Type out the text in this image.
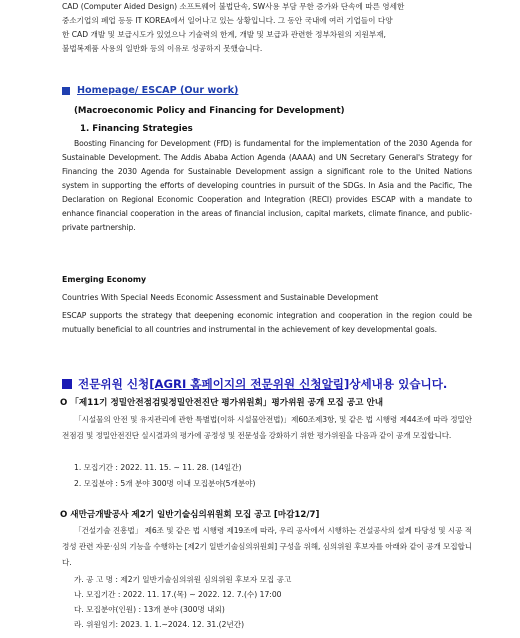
CAD (Computer Aided Design) 소프트웨어 불법단속, SW사용 부담 무한 증가와 단속에 따른 영세한
중소기업의 폐업 등등 IT KOREA에서 일어나고 있는 상황입니다. 그 동안 국내에 여러 기업들이 다양
한 CAD 개발 및 보급시도가 있었으나 기술력의 한계, 개발 및 보급과 관련한 정부차원의 지원부재,
불법복제품 사용의 일반화 등의 이유로 성공하지 못했습니다.
Homepage/ ESCAP (Our work)
(Macroeconomic Policy and Financing for Development)
1. Financing Strategies

Boosting Financing for Development (FfD) is fundamental for the implementation of the 2030 Agenda for Sustainable Development. The Addis Ababa Action Agenda (AAAA) and UN Secretary General's Strategy for Financing the 2030 Agenda for Sustainable Development assign a significant role to the United Nations system in supporting the efforts of developing countries in pursuit of the SDGs. In Asia and the Pacific, The Declaration on Regional Economic Cooperation and Integration (RECI) provides ESCAP with a mandate to enhance financial cooperation in the areas of financial inclusion, capital markets, climate finance, and public-private partnership.

Emerging Economy
Countries With Special Needs Economic Assessment and Sustainable Development

ESCAP supports the strategy that deepening economic integration and cooperation in the region could be mutually beneficial to all countries and instrumental in the achievement of key developmental goals.

전문위원 신청 [AGRI 홈페이지의 전문위원 신청알림] 상세내용 있습니다.
O 「제11기 정밀안전점검및정밀안전진단 평가위원회」평가위원 공개 모집 공고 안내

「시설물의 안전 및 유지관리에 관한 특별법(이하 시설물안전법)」제60조제3항, 및 같은 법 시행령 제44조에 따라 정밀안전점검 및 정밀안전진단 실시결과의 평가에 공정성 및 전문성을 강화하기 위한 평가위원을 다음과 같이 공개 모집합니다.

1. 모집기간 : 2022. 11. 15. ~ 11. 28. (14일간)
2. 모집분야 : 5개 분야 300명 이내 모집분야(5개분야)
O 새만금개발공사 제2기 일반기술심의위원회 모집 공고 [마감12/7]

「건설기술 진흥법」 제6조 및 같은 법 시행령 제19조에 따라, 우리 공사에서 시행하는 건설공사의 설계 타당성 및 시공 적정성 관련 자문·심의 기능을 수행하는 [제2기 일반기술심의위원회] 구성을 위해, 심의위원 후보자를 아래와 같이 공개 모집합니다.

가. 공 고 명 : 제2기 일반기술심의위원 심의위원 후보자 모집 공고
나. 모집기간 : 2022. 11. 17.(목) ~ 2022. 12. 7.(수) 17:00
다. 모집분야(인원) : 13개 분야 (300명 내외)
라. 위원임기: 2023. 1. 1.~2024. 12. 31.(2년간)
